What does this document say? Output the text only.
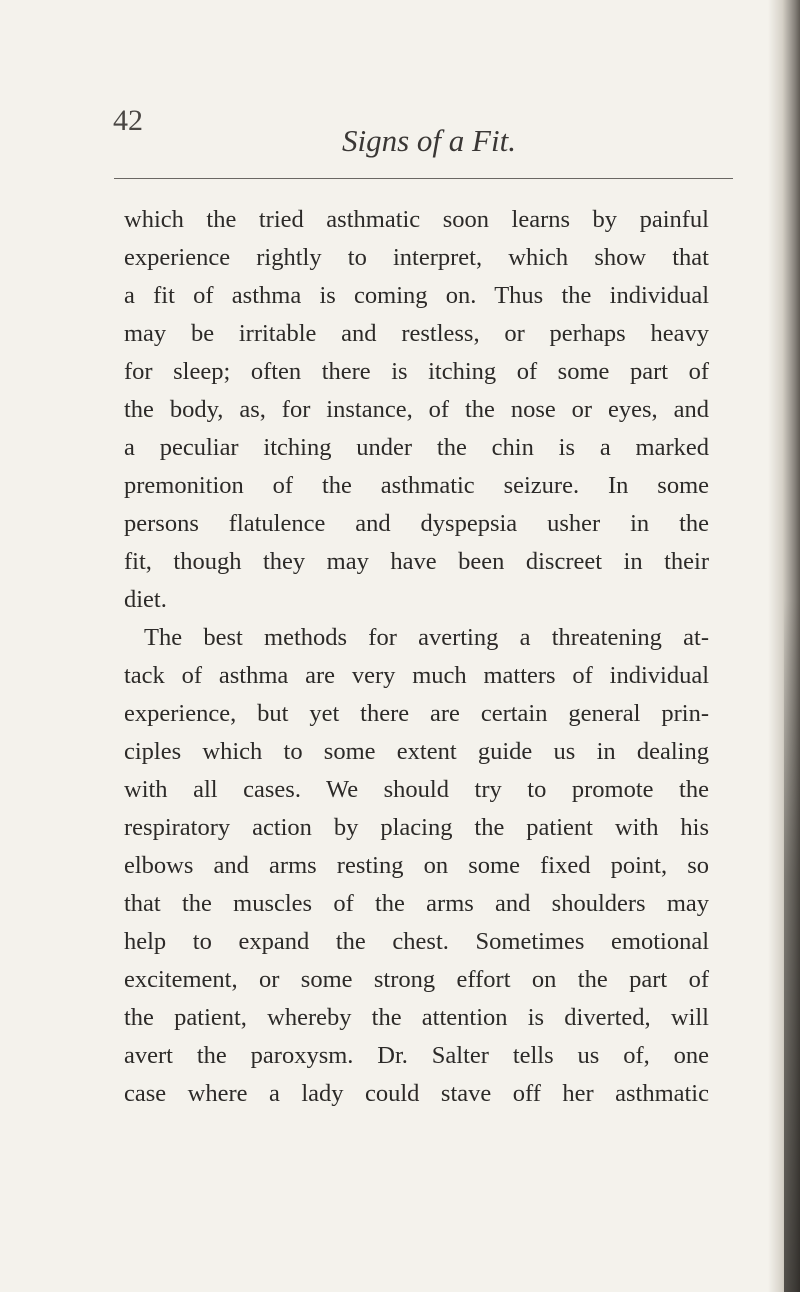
42
Signs of a Fit.
which the tried asthmatic soon learns by painful
experience rightly to interpret, which show that
a fit of asthma is coming on. Thus the individual
may be irritable and restless, or perhaps heavy
for sleep; often there is itching of some part of
the body, as, for instance, of the nose or eyes, and
a peculiar itching under the chin is a marked
premonition of the asthmatic seizure. In some
persons flatulence and dyspepsia usher in the
fit, though they may have been discreet in their
diet.
The best methods for averting a threatening at-
tack of asthma are very much matters of individual
experience, but yet there are certain general prin-
ciples which to some extent guide us in dealing
with all cases. We should try to promote the
respiratory action by placing the patient with his
elbows and arms resting on some fixed point, so
that the muscles of the arms and shoulders may
help to expand the chest. Sometimes emotional
excitement, or some strong effort on the part of
the patient, whereby the attention is diverted, will
avert the paroxysm. Dr. Salter tells us of, one
case where a lady could stave off her asthmatic
